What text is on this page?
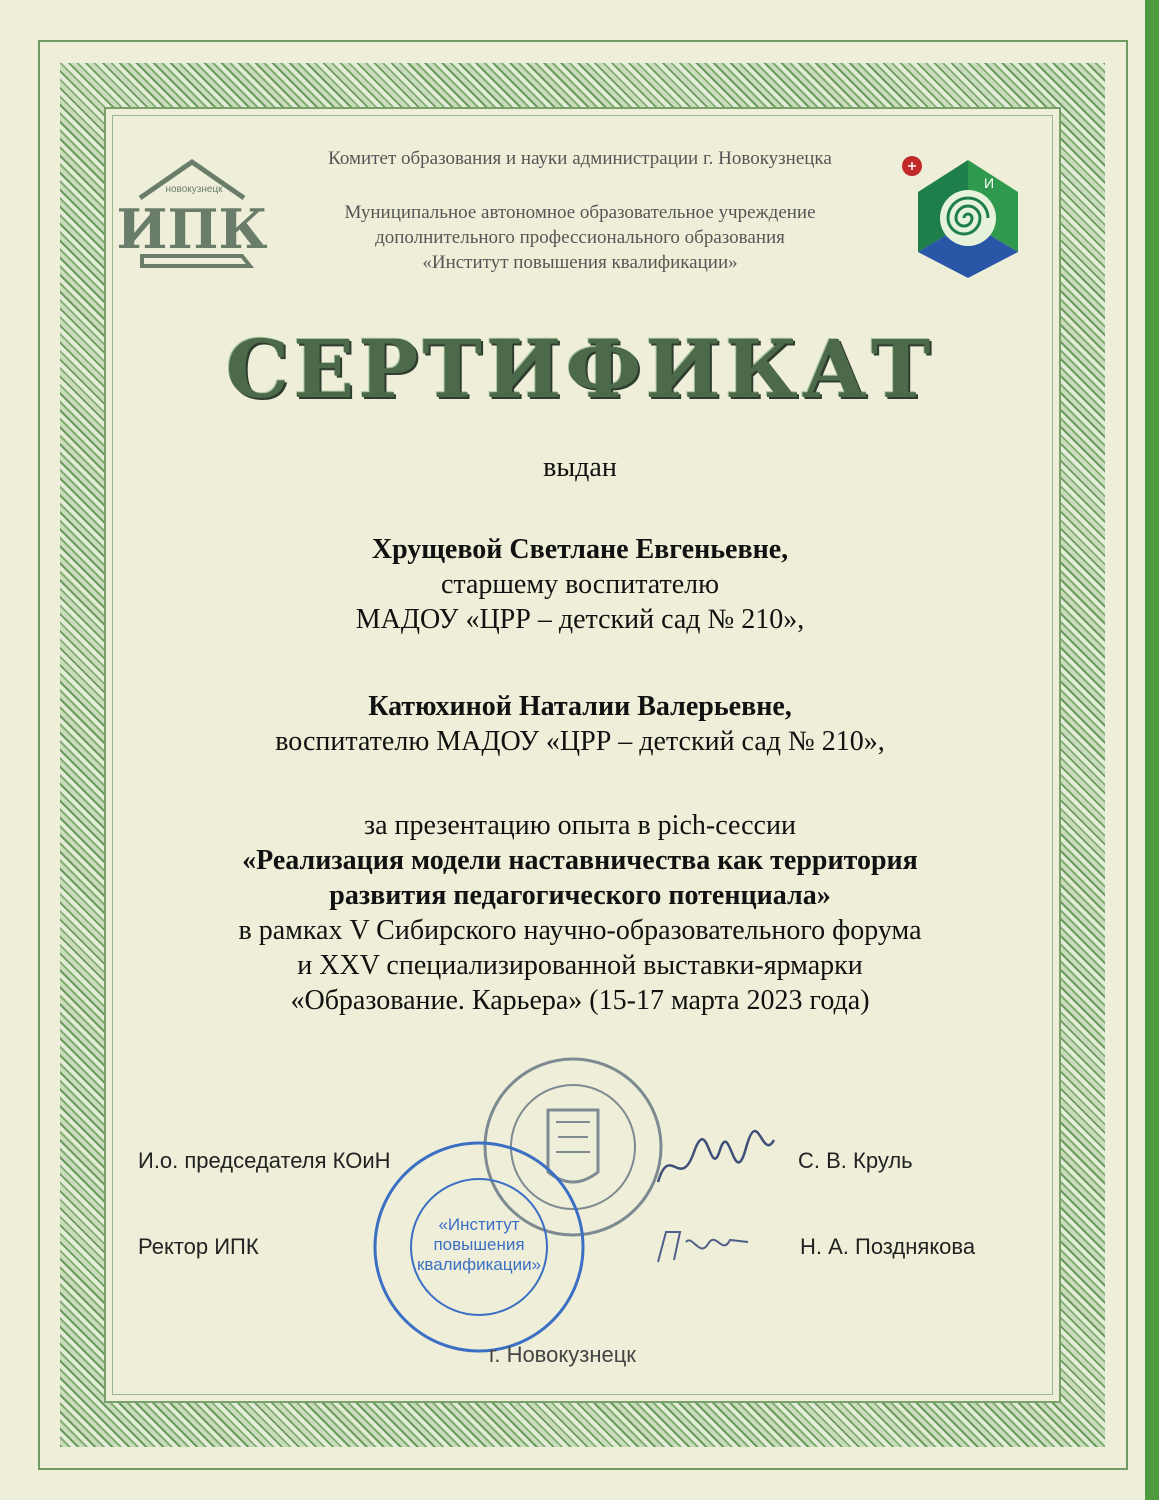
новокузнецк
ИПК
И
Комитет образования и науки администрации г. Новокузнецка
Муниципальное автономное образовательное учреждение
дополнительного профессионального образования
«Институт повышения квалификации»
СЕРТИФИКАТ
выдан
Хрущевой Светлане Евгеньевне,
старшему воспитателю
МАДОУ «ЦРР – детский сад № 210»,
Катюхиной Наталии Валерьевне,
воспитателю МАДОУ «ЦРР – детский сад № 210»,
за презентацию опыта в pich-сессии
«Реализация модели наставничества как территория
развития педагогического потенциала»
в рамках V Сибирского научно-образовательного форума
и XXV специализированной выставки-ярмарки
«Образование. Карьера» (15-17 марта 2023 года)
«Институт
повышения
квалификации»
И.о. председателя КОиН	С. В. Круль
Ректор ИПК	Н. А. Позднякова
г. Новокузнецк
